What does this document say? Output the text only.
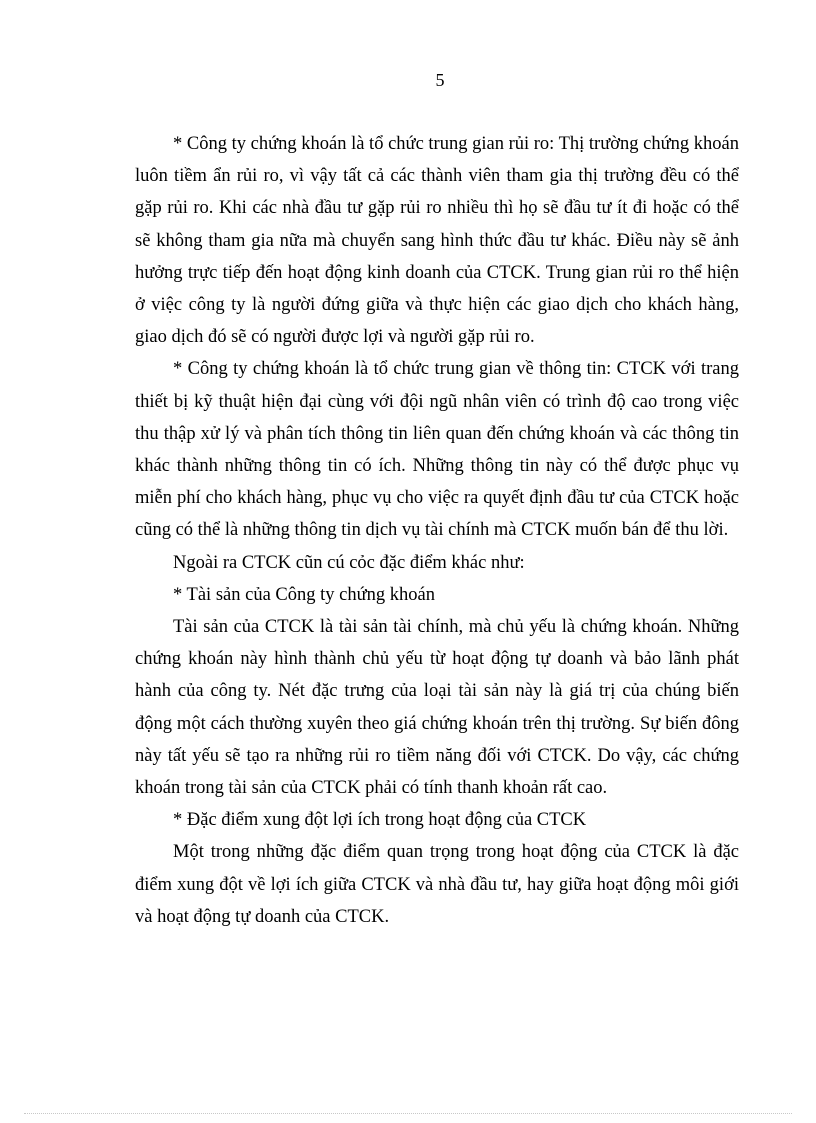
5

* Công ty chứng khoán là tổ chức trung gian rủi ro: Thị trường chứng khoán luôn tiềm ẩn rủi ro, vì vậy tất cả các thành viên tham gia thị trường đều có thể gặp rủi ro. Khi các nhà đầu tư gặp rủi ro nhiều thì họ sẽ đầu tư ít đi hoặc có thể sẽ không tham gia nữa mà chuyển sang hình thức đầu tư khác. Điều này sẽ ảnh hưởng trực tiếp đến hoạt động kinh doanh của CTCK. Trung gian rủi ro thể hiện ở việc công ty là người đứng giữa và thực hiện các giao dịch cho khách hàng, giao dịch đó sẽ có người được lợi và người gặp rủi ro.

* Công ty chứng khoán là tổ chức trung gian về thông tin: CTCK với trang thiết bị kỹ thuật hiện đại cùng với đội ngũ nhân viên có trình độ cao trong việc thu thập xử lý và phân tích thông tin liên quan đến chứng khoán và các thông tin khác thành những thông tin có ích. Những thông tin này có thể được phục vụ miễn phí cho khách hàng, phục vụ cho việc ra quyết định đầu tư của CTCK hoặc cũng có thể là những thông tin dịch vụ tài chính mà CTCK muốn bán để thu lời.

Ngoài ra CTCK cũn cú cỏc đặc điểm khác như:

* Tài sản của Công ty chứng khoán

Tài sản của CTCK là tài sản tài chính, mà chủ yếu là chứng khoán. Những chứng khoán này hình thành chủ yếu từ hoạt động tự doanh và bảo lãnh phát hành của công ty. Nét đặc trưng của loại tài sản này là giá trị của chúng biến động một cách thường xuyên theo giá chứng khoán trên thị trường. Sự biến đông này tất yếu sẽ tạo ra những rủi ro tiềm năng đối với CTCK. Do vậy, các chứng khoán trong tài sản của CTCK phải có tính thanh khoản rất cao.

* Đặc điểm xung đột lợi ích trong hoạt động của CTCK

Một trong những đặc điểm quan trọng trong hoạt động của CTCK là đặc điểm xung đột về lợi ích giữa CTCK và nhà đầu tư, hay giữa hoạt động môi giới và hoạt động tự doanh của CTCK.
